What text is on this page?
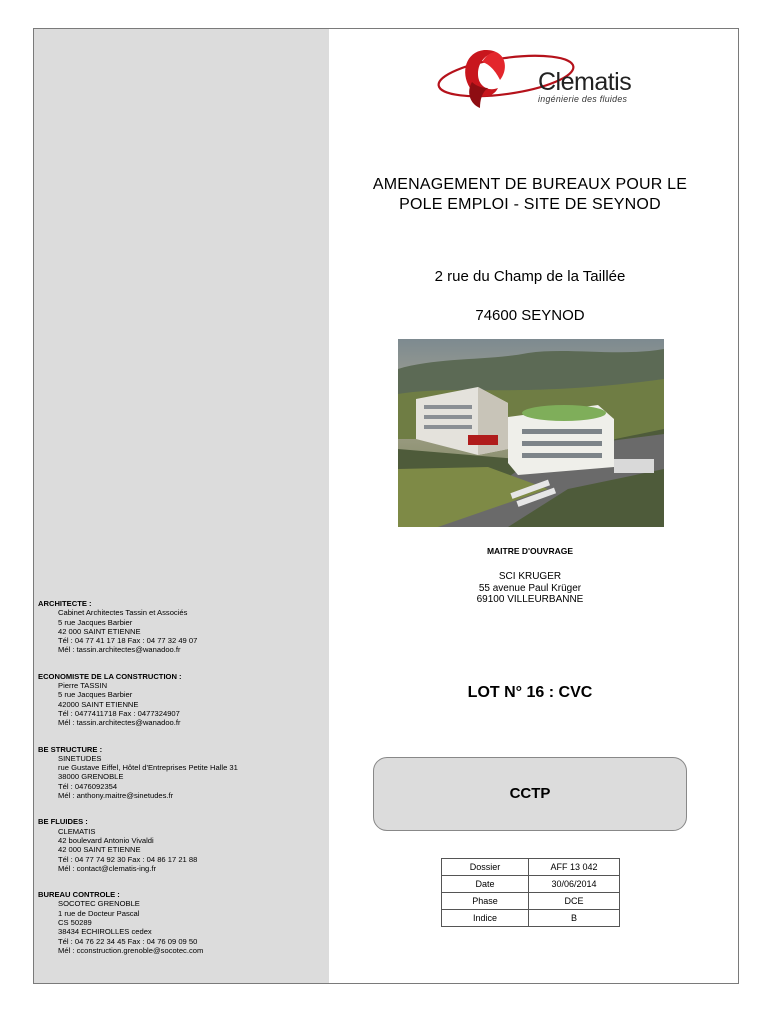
ARCHITECTE :
Cabinet Architectes Tassin et Associés
5 rue Jacques Barbier
42 000 SAINT ETIENNE
Tél : 04 77 41 17 18 Fax : 04 77 32 49 07
Mél : tassin.architectes@wanadoo.fr
ECONOMISTE DE LA CONSTRUCTION :
Pierre TASSIN
5 rue Jacques Barbier
42000 SAINT ETIENNE
Tél : 0477411718 Fax : 0477324907
Mél : tassin.architectes@wanadoo.fr
BE STRUCTURE :
SINETUDES
rue Gustave Eiffel, Hôtel d'Entreprises Petite Halle 31
38000 GRENOBLE
Tél : 0476092354
Mél : anthony.maitre@sinetudes.fr
BE FLUIDES :
CLEMATIS
42 boulevard Antonio Vivaldi
42 000 SAINT ETIENNE
Tél : 04 77 74 92 30 Fax : 04 86 17 21 88
Mél : contact@clematis-ing.fr
BUREAU CONTROLE :
SOCOTEC GRENOBLE
1 rue de Docteur Pascal
CS 50289
38434 ECHIROLLES cedex
Tél : 04 76 22 34 45 Fax : 04 76 09 09 50
Mél : cconstruction.grenoble@socotec.com
Clematis
ingénierie des fluides
AMENAGEMENT DE BUREAUX POUR LE
POLE EMPLOI - SITE DE SEYNOD
2 rue du Champ de la Taillée
74600 SEYNOD
MAITRE D'OUVRAGE
SCI KRUGER
55 avenue Paul Krüger
69100 VILLEURBANNE
LOT N° 16 : CVC
CCTP
Dossier	AFF 13 042
Date	30/06/2014
Phase	DCE
Indice	B
